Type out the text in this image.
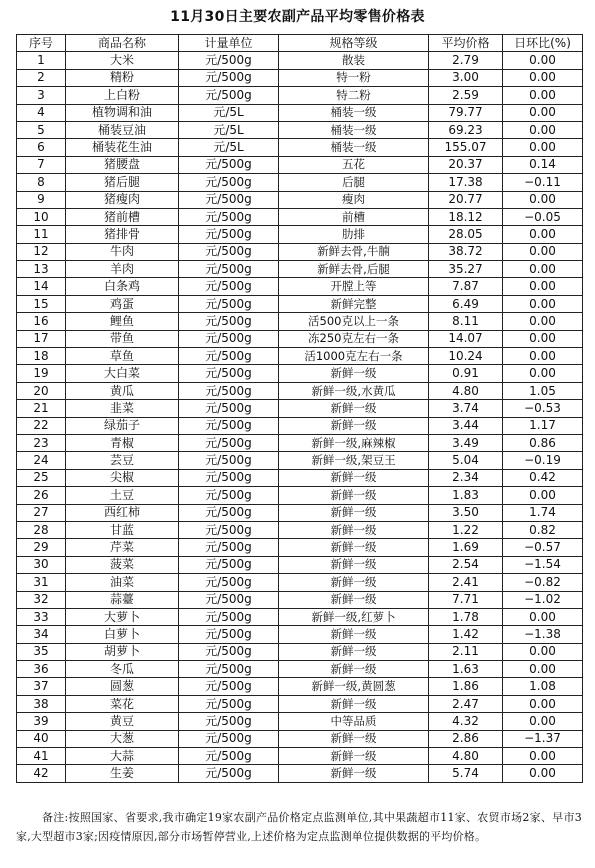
11月30日主要农副产品平均零售价格表
序号	商品名称	计量单位	规格等级	平均价格	日环比(%)
1	大米	元/500g	散装	2.79	0.00
2	精粉	元/500g	特一粉	3.00	0.00
3	上白粉	元/500g	特二粉	2.59	0.00
4	植物调和油	元/5L	桶装一级	79.77	0.00
5	桶装豆油	元/5L	桶装一级	69.23	0.00
6	桶装花生油	元/5L	桶装一级	155.07	0.00
7	猪腰盘	元/500g	五花	20.37	0.14
8	猪后腿	元/500g	后腿	17.38	−0.11
9	猪瘦肉	元/500g	瘦肉	20.77	0.00
10	猪前槽	元/500g	前槽	18.12	−0.05
11	猪排骨	元/500g	肋排	28.05	0.00
12	牛肉	元/500g	新鲜去骨,牛腩	38.72	0.00
13	羊肉	元/500g	新鲜去骨,后腿	35.27	0.00
14	白条鸡	元/500g	开膛上等	7.87	0.00
15	鸡蛋	元/500g	新鲜完整	6.49	0.00
16	鲤鱼	元/500g	活500克以上一条	8.11	0.00
17	带鱼	元/500g	冻250克左右一条	14.07	0.00
18	草鱼	元/500g	活1000克左右一条	10.24	0.00
19	大白菜	元/500g	新鲜一级	0.91	0.00
20	黄瓜	元/500g	新鲜一级,水黄瓜	4.80	1.05
21	韭菜	元/500g	新鲜一级	3.74	−0.53
22	绿茄子	元/500g	新鲜一级	3.44	1.17
23	青椒	元/500g	新鲜一级,麻辣椒	3.49	0.86
24	芸豆	元/500g	新鲜一级,架豆王	5.04	−0.19
25	尖椒	元/500g	新鲜一级	2.34	0.42
26	土豆	元/500g	新鲜一级	1.83	0.00
27	西红柿	元/500g	新鲜一级	3.50	1.74
28	甘蓝	元/500g	新鲜一级	1.22	0.82
29	芹菜	元/500g	新鲜一级	1.69	−0.57
30	菠菜	元/500g	新鲜一级	2.54	−1.54
31	油菜	元/500g	新鲜一级	2.41	−0.82
32	蒜薹	元/500g	新鲜一级	7.71	−1.02
33	大萝卜	元/500g	新鲜一级,红萝卜	1.78	0.00
34	白萝卜	元/500g	新鲜一级	1.42	−1.38
35	胡萝卜	元/500g	新鲜一级	2.11	0.00
36	冬瓜	元/500g	新鲜一级	1.63	0.00
37	圆葱	元/500g	新鲜一级,黄圆葱	1.86	1.08
38	菜花	元/500g	新鲜一级	2.47	0.00
39	黄豆	元/500g	中等品质	4.32	0.00
40	大葱	元/500g	新鲜一级	2.86	−1.37
41	大蒜	元/500g	新鲜一级	4.80	0.00
42	生姜	元/500g	新鲜一级	5.74	0.00
备注:按照国家、省要求,我市确定19家农副产品价格定点监测单位,其中果蔬超市11家、农贸市场2家、早市3家,大型超市3家;因疫情原因,部分市场暂停营业,上述价格为定点监测单位提供数据的平均价格。
